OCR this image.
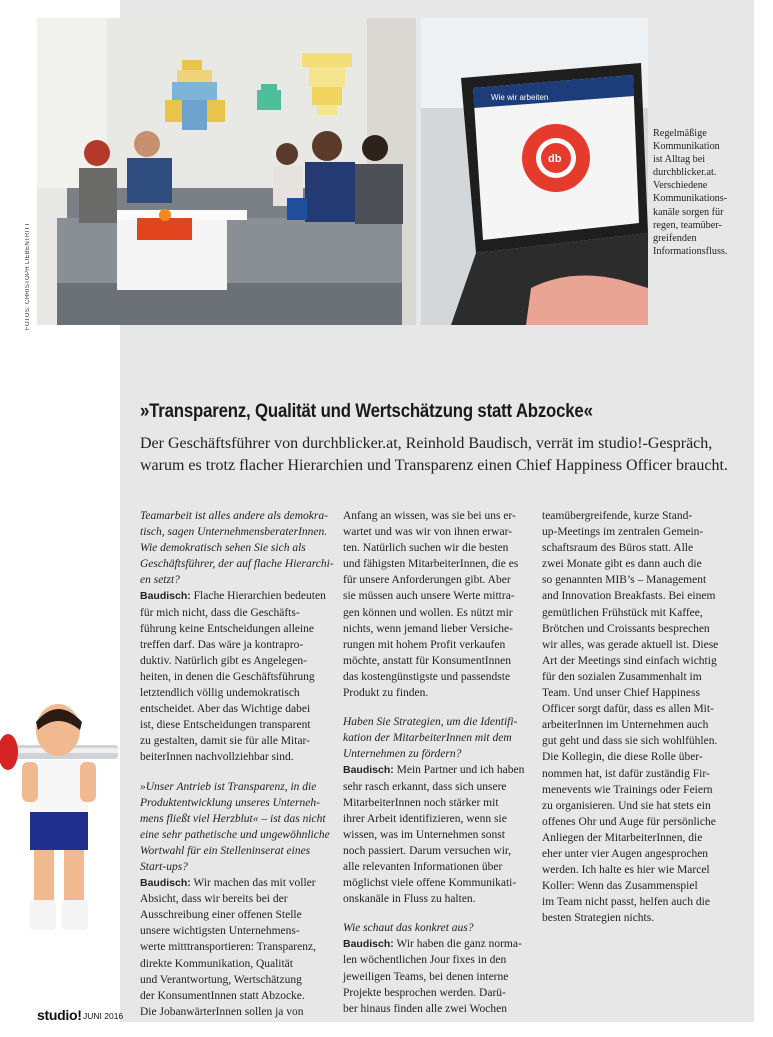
Wie wir arbeiten
db
FOTOS: CHRISTOPH LIEBENTRITT
Regelmäßige
Kommunikation
ist Alltag bei
durchblicker.at.
Verschiedene
Kommunikations-
kanäle sorgen für
regen, teamüber-
greifenden
Informationsfluss.
»Transparenz, Qualität und Wertschätzung statt Abzocke«
Der Geschäftsführer von durchblicker.at, Reinhold Baudisch, verrät im studio!-Gespräch,
warum es trotz flacher Hierarchien und Transparenz einen Chief Happiness Officer braucht.
Teamarbeit ist alles andere als demokra-
tisch, sagen UnternehmensberaterInnen.
Wie demokratisch sehen Sie sich als
Geschäftsführer, der auf flache Hierarchi-
en setzt?
Baudisch: Flache Hierarchien bedeuten
für mich nicht, dass die Geschäfts-
führung keine Entscheidungen alleine
treffen darf. Das wäre ja kontrapro-
duktiv. Natürlich gibt es Angelegen-
heiten, in denen die Geschäftsführung
letztendlich völlig undemokratisch
entscheidet. Aber das Wichtige dabei
ist, diese Entscheidungen transparent
zu gestalten, damit sie für alle Mitar-
beiterInnen nachvollziehbar sind.
»Unser Antrieb ist Transparenz, in die
Produktentwicklung unseres Unterneh-
mens fließt viel Herzblut« – ist das nicht
eine sehr pathetische und ungewöhnliche
Wortwahl für ein Stelleninserat eines
Start-ups?
Baudisch: Wir machen das mit voller
Absicht, dass wir bereits bei der
Ausschreibung einer offenen Stelle
unsere wichtigsten Unternehmens-
werte mitttransportieren: Transparenz,
direkte Kommunikation, Qualität
und Verantwortung, Wertschätzung
der KonsumentInnen statt Abzocke.
Die JobanwärterInnen sollen ja von
Anfang an wissen, was sie bei uns er-
wartet und was wir von ihnen erwar-
ten. Natürlich suchen wir die besten
und fähigsten MitarbeiterInnen, die es
für unsere Anforderungen gibt. Aber
sie müssen auch unsere Werte mittra-
gen können und wollen. Es nützt mir
nichts, wenn jemand lieber Versiche-
rungen mit hohem Profit verkaufen
möchte, anstatt für KonsumentInnen
das kostengünstigste und passendste
Produkt zu finden.
Haben Sie Strategien, um die Identifi-
kation der MitarbeiterInnen mit dem
Unternehmen zu fördern?
Baudisch: Mein Partner und ich haben
sehr rasch erkannt, dass sich unsere
MitarbeiterInnen noch stärker mit
ihrer Arbeit identifizieren, wenn sie
wissen, was im Unternehmen sonst
noch passiert. Darum versuchen wir,
alle relevanten Informationen über
möglichst viele offene Kommunikati-
onskanäle in Fluss zu halten.
Wie schaut das konkret aus?
Baudisch: Wir haben die ganz norma-
len wöchentlichen Jour fixes in den
jeweiligen Teams, bei denen interne
Projekte besprochen werden. Darü-
ber hinaus finden alle zwei Wochen
teamübergreifende, kurze Stand-
up-Meetings im zentralen Gemein-
schaftsraum des Büros statt. Alle
zwei Monate gibt es dann auch die
so genannten MIB’s – Management
and Innovation Breakfasts. Bei einem
gemütlichen Frühstück mit Kaffee,
Brötchen und Croissants besprechen
wir alles, was gerade aktuell ist. Diese
Art der Meetings sind einfach wichtig
für den sozialen Zusammenhalt im
Team. Und unser Chief Happiness
Officer sorgt dafür, dass es allen Mit-
arbeiterInnen im Unternehmen auch
gut geht und dass sie sich wohlfühlen.
Die Kollegin, die diese Rolle über-
nommen hat, ist dafür zuständig Fir-
menevents wie Trainings oder Feiern
zu organisieren. Und sie hat stets ein
offenes Ohr und Auge für persönliche
Anliegen der MitarbeiterInnen, die
eher unter vier Augen angesprochen
werden. Ich halte es hier wie Marcel
Koller: Wenn das Zusammenspiel
im Team nicht passt, helfen auch die
besten Strategien nichts.
studio! JUNI 2016
